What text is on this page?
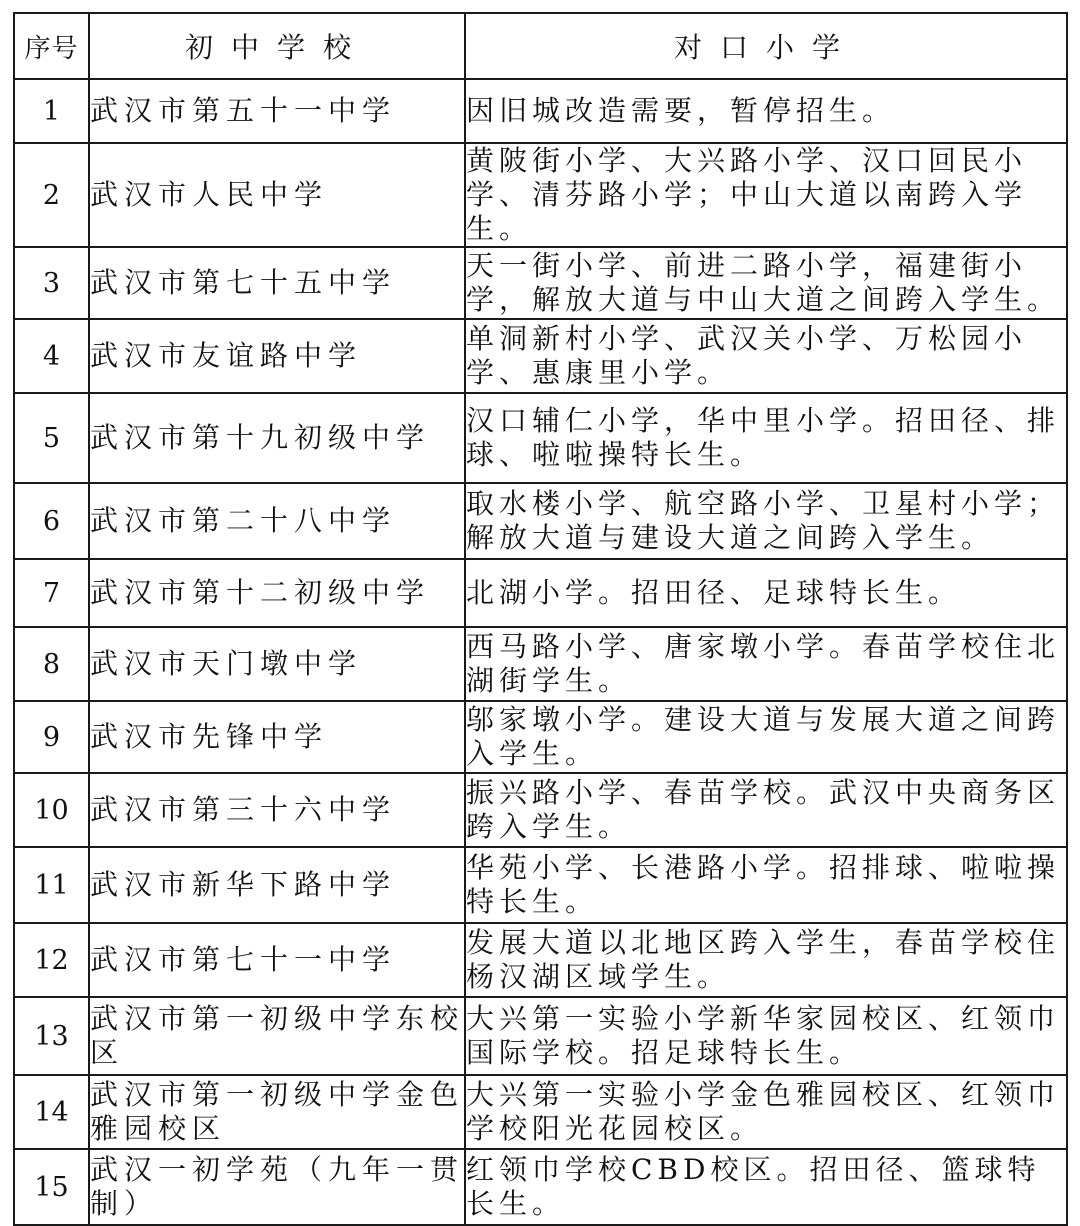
序号	初中学校	对口小学
1	武汉市第五十一中学	因旧城改造需要，暂停招生。
2	武汉市人民中学	黄陂街小学、大兴路小学、汉口回民小学、清芬路小学；中山大道以南跨入学生。
3	武汉市第七十五中学	天一街小学、前进二路小学，福建街小学，解放大道与中山大道之间跨入学生。
4	武汉市友谊路中学	单洞新村小学、武汉关小学、万松园小学、惠康里小学。
5	武汉市第十九初级中学	汉口辅仁小学，华中里小学。招田径、排球、啦啦操特长生。
6	武汉市第二十八中学	取水楼小学、航空路小学、卫星村小学；解放大道与建设大道之间跨入学生。
7	武汉市第十二初级中学	北湖小学。招田径、足球特长生。
8	武汉市天门墩中学	西马路小学、唐家墩小学。春苗学校住北湖街学生。
9	武汉市先锋中学	邬家墩小学。建设大道与发展大道之间跨入学生。
10	武汉市第三十六中学	振兴路小学、春苗学校。武汉中央商务区跨入学生。
11	武汉市新华下路中学	华苑小学、长港路小学。招排球、啦啦操特长生。
12	武汉市第七十一中学	发展大道以北地区跨入学生，春苗学校住杨汉湖区域学生。
13	武汉市第一初级中学东校区	大兴第一实验小学新华家园校区、红领巾国际学校。招足球特长生。
14	武汉市第一初级中学金色雅园校区	大兴第一实验小学金色雅园校区、红领巾学校阳光花园校区。
15	武汉一初学苑（九年一贯制）	红领巾学校CBD校区。招田径、篮球特长生。
